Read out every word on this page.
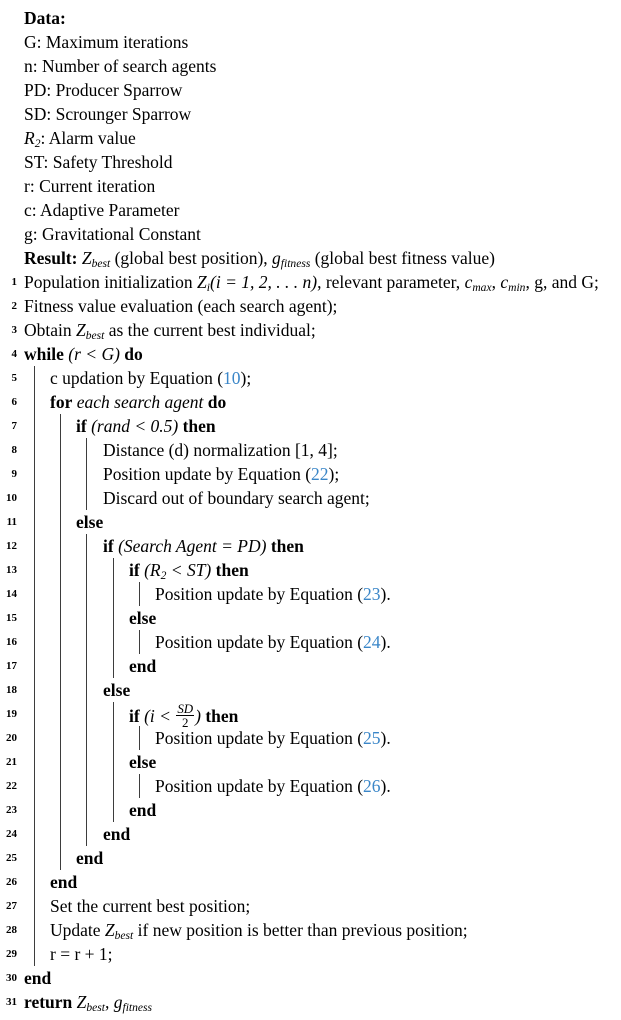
Data:
G: Maximum iterations
n: Number of search agents
PD: Producer Sparrow
SD: Scrounger Sparrow
$R_2$: Alarm value
ST: Safety Threshold
r: Current iteration
c: Adaptive Parameter
g: Gravitational Constant
Result: $Z_{best}$ (global best position), $g_{fitness}$ (global best fitness value)
1 Population initialization $Z_i(i = 1$, 2, . . . n), relevant parameter, $c_{max}$, $c_{min}$, g, and G;
2 Fitness value evaluation (each search agent);
3 Obtain $Z_{best}$ as the current best individual;
4 while (r < G) do
5 c updation by Equation (10);
6 for each search agent do
7	if (rand < 0.5) then
8	Distance (d) normalization [1, 4];
9	Position update by Equation (22);
10	Discard out of boundary search agent;
11	else
12	if (Search Agent = PD) then
13	if $(R_2 < ST)$ then
14	Position update by Equation (23).
15	else
16	Position update by Equation (24).
17	end
18	else
19	if ($i < \frac{SD}{2}$ ) then
20	Position update by Equation (25).
21	else
22	Position update by Equation (26).
23	end
24	end
25	end
26 end
27 Set the current best position;
28 Update $Z_{best}$ if new position is better than previous position;
29 r = r + 1;
30 end
31 return $Z_{best}$, $g_{fitness}$
